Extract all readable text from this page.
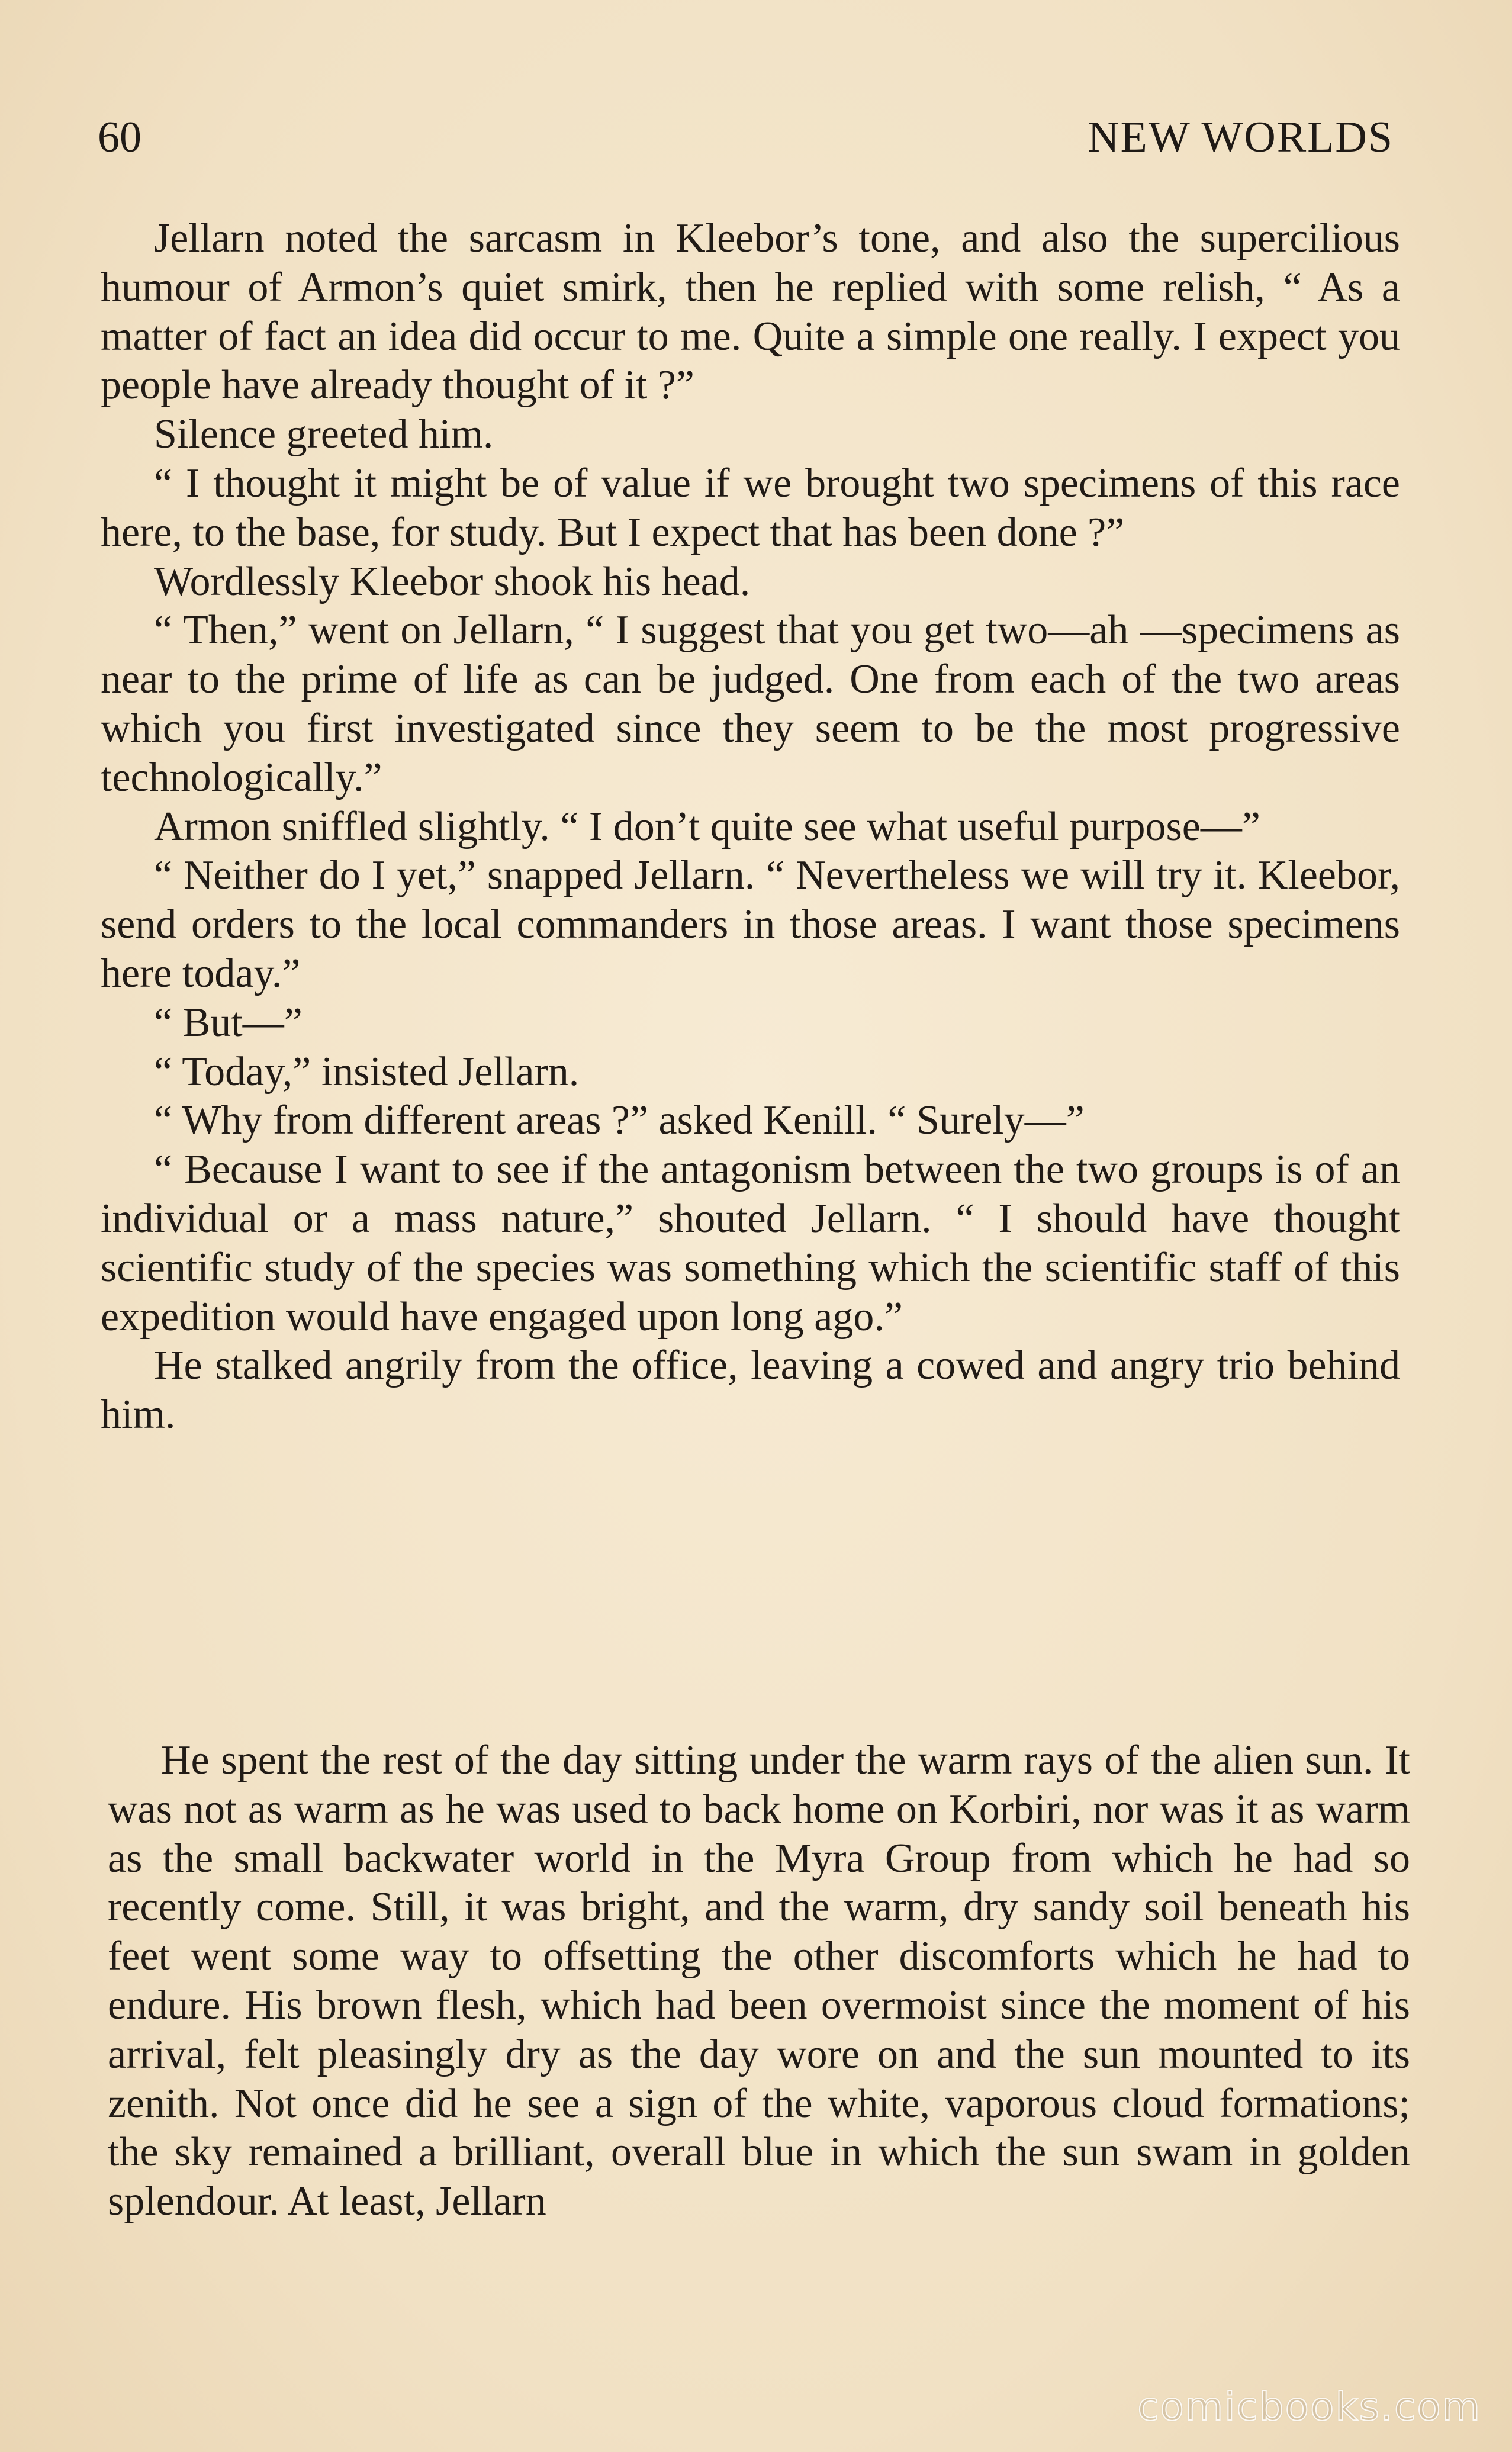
60	NEW WORLDS

Jellarn noted the sarcasm in Kleebor’s tone, and also the supercilious humour of Armon’s quiet smirk, then he replied with some relish, “ As a matter of fact an idea did occur to me. Quite a simple one really. I expect you people have already thought of it ?”

Silence greeted him.

“ I thought it might be of value if we brought two specimens of this race here, to the base, for study. But I expect that has been done ?”

Wordlessly Kleebor shook his head.

“ Then,” went on Jellarn, “ I suggest that you get two—ah —specimens as near to the prime of life as can be judged. One from each of the two areas which you first investigated since they seem to be the most progressive technologically.”

Armon sniffled slightly. “ I don’t quite see what useful purpose—”

“ Neither do I yet,” snapped Jellarn. “ Nevertheless we will try it. Kleebor, send orders to the local commanders in those areas. I want those specimens here today.”

“ But—”

“ Today,” insisted Jellarn.

“ Why from different areas ?” asked Kenill. “ Surely—”

“ Because I want to see if the antagonism between the two groups is of an individual or a mass nature,” shouted Jellarn. “ I should have thought scientific study of the species was something which the scientific staff of this expedition would have engaged upon long ago.”

He stalked angrily from the office, leaving a cowed and angry trio behind him.

He spent the rest of the day sitting under the warm rays of the alien sun. It was not as warm as he was used to back home on Korbiri, nor was it as warm as the small backwater world in the Myra Group from which he had so recently come. Still, it was bright, and the warm, dry sandy soil beneath his feet went some way to offsetting the other discomforts which he had to endure. His brown flesh, which had been overmoist since the moment of his arrival, felt pleasingly dry as the day wore on and the sun mounted to its zenith. Not once did he see a sign of the white, vaporous cloud formations; the sky remained a brilliant, overall blue in which the sun swam in golden splendour. At least, Jellarn

comicbooks.com
